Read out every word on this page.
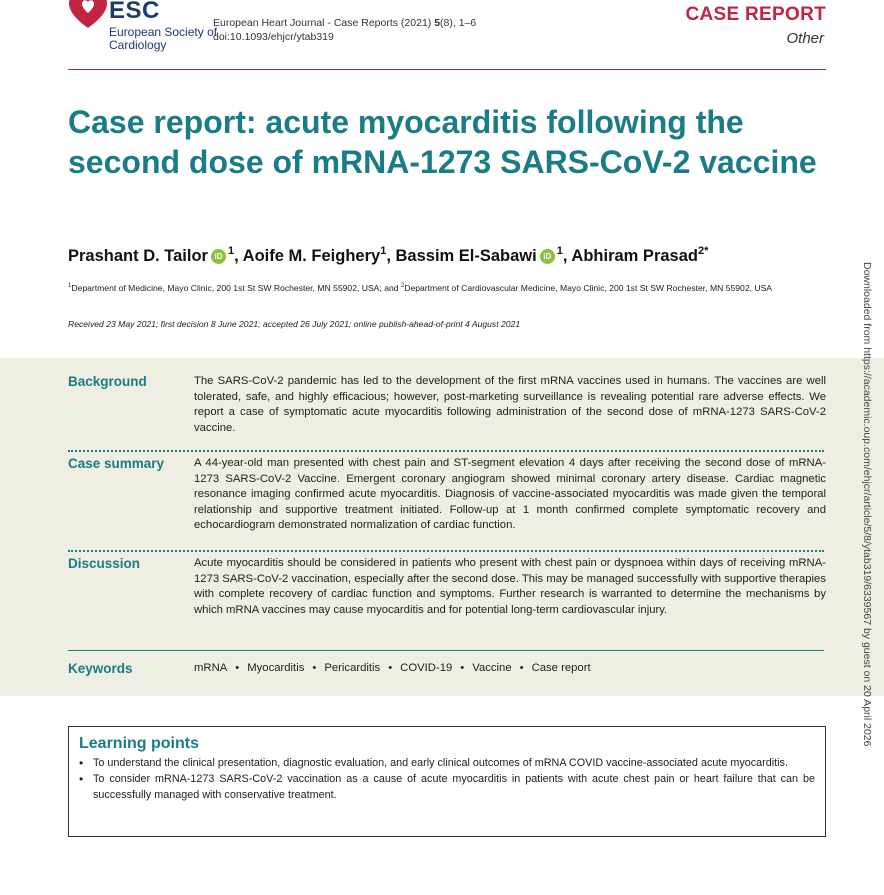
ESC
European Society of Cardiology
European Heart Journal - Case Reports (2021) 5(8), 1–6
doi:10.1093/ehjcr/ytab319
CASE REPORT
Other
Case report: acute myocarditis following the second dose of mRNA-1273 SARS-CoV-2 vaccine
Prashant D. Tailor iD $^1$, Aoife M. Feighery$^1$, Bassim El-Sabawi iD $^1$, Abhiram Prasad$^{2*}$
$^1$Department of Medicine, Mayo Clinic, 200 1st St SW Rochester, MN 55902, USA; and $^2$Department of Cardiovascular Medicine, Mayo Clinic, 200 1st St SW Rochester, MN 55902, USA
Received 23 May 2021; first decision 8 June 2021; accepted 26 July 2021; online publish-ahead-of-print 4 August 2021
Background	The SARS-CoV-2 pandemic has led to the development of the first mRNA vaccines used in humans. The vaccines are well tolerated, safe, and highly efficacious; however, post-marketing surveillance is revealing potential rare adverse effects. We report a case of symptomatic acute myocarditis following administration of the second dose of mRNA-1273 SARS-CoV-2 vaccine.
Case summary	A 44-year-old man presented with chest pain and ST-segment elevation 4 days after receiving the second dose of mRNA-1273 SARS-CoV-2 Vaccine. Emergent coronary angiogram showed minimal coronary artery disease. Cardiac magnetic resonance imaging confirmed acute myocarditis. Diagnosis of vaccine-associated myocarditis was made given the temporal relationship and supportive treatment initiated. Follow-up at 1 month confirmed complete symptomatic recovery and echocardiogram demonstrated normalization of cardiac function.
Discussion	Acute myocarditis should be considered in patients who present with chest pain or dyspnoea within days of receiving mRNA-1273 SARS-CoV-2 vaccination, especially after the second dose. This may be managed successfully with supportive therapies with complete recovery of cardiac function and symptoms. Further research is warranted to determine the mechanisms by which mRNA vaccines may cause myocarditis and for potential long-term cardiovascular injury.
Keywords	mRNA • Myocarditis • Pericarditis • COVID-19 • Vaccine • Case report
Learning points
• To understand the clinical presentation, diagnostic evaluation, and early clinical outcomes of mRNA COVID vaccine-associated acute myocarditis.
• To consider mRNA-1273 SARS-CoV-2 vaccination as a cause of acute myocarditis in patients with acute chest pain or heart failure that can be successfully managed with conservative treatment.
Downloaded from https://academic.oup.com/ehjcr/article/5/8/ytab319/6339567 by guest on 20 April 2026
